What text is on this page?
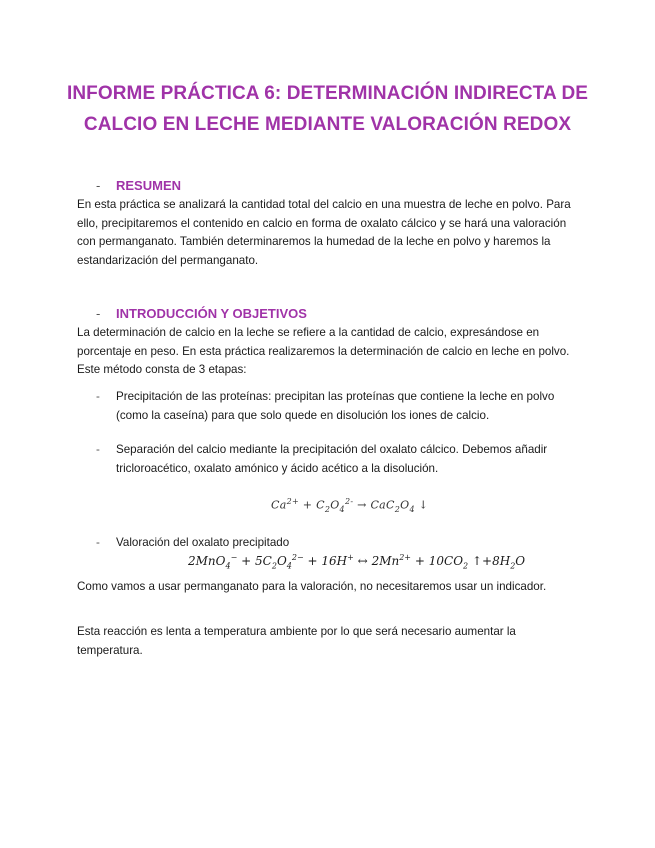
INFORME PRÁCTICA 6: DETERMINACIÓN INDIRECTA DE CALCIO EN LECHE MEDIANTE VALORACIÓN REDOX
- RESUMEN

En esta práctica se analizará la cantidad total del calcio en una muestra de leche en polvo. Para ello, precipitaremos el contenido en calcio en forma de oxalato cálcico y se hará una valoración con permanganato. También determinaremos la humedad de la leche en polvo y haremos la estandarización del permanganato.

- INTRODUCCIÓN Y OBJETIVOS

La determinación de calcio en la leche se refiere a la cantidad de calcio, expresándose en porcentaje en peso. En esta práctica realizaremos la determinación de calcio en leche en polvo. Este método consta de 3 etapas:

- Precipitación de las proteínas: precipitan las proteínas que contiene la leche en polvo (como la caseína) para que solo quede en disolución los iones de calcio.
- Separación del calcio mediante la precipitación del oxalato cálcico. Debemos añadir tricloroacético, oxalato amónico y ácido acético a la disolución.
$Ca^{2+} + C_2O_4^{2-} \to CaC_2O_4$ ↓
- Valoración del oxalato precipitado
$2MnO_4^- + 5C_2O_4^{2-} + 16H^+$ ↔ $2Mn^{2+} + 10CO_2$ $↑+8H_2O$

Como vamos a usar permanganato para la valoración, no necesitaremos usar un indicador.

Esta reacción es lenta a temperatura ambiente por lo que será necesario aumentar la temperatura.
